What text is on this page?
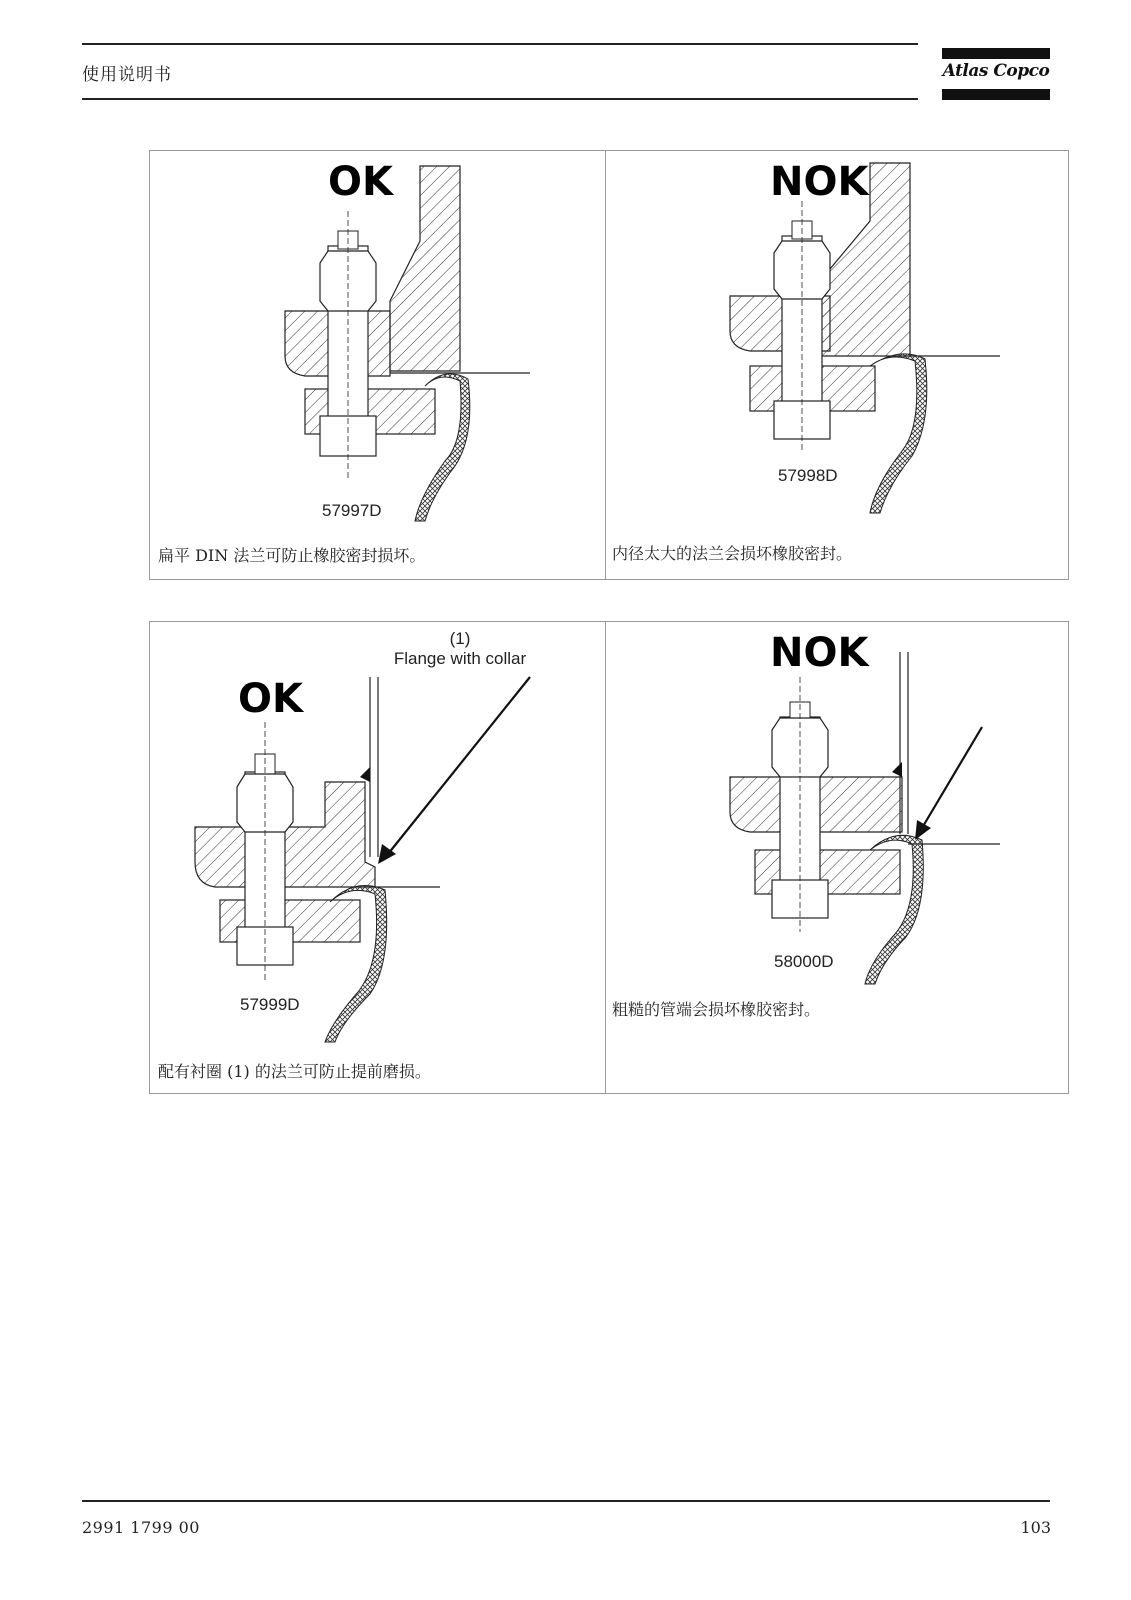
使用说明书	Atlas Copco
OK
57997D
扁平 DIN 法兰可防止橡胶密封损坏。
NOK
57998D
内径太大的法兰会损坏橡胶密封。
(1)
Flange with collar
OK
57999D
配有衬圈 (1) 的法兰可防止提前磨损。
NOK
58000D
粗糙的管端会损坏橡胶密封。
2991 1799 00	103
